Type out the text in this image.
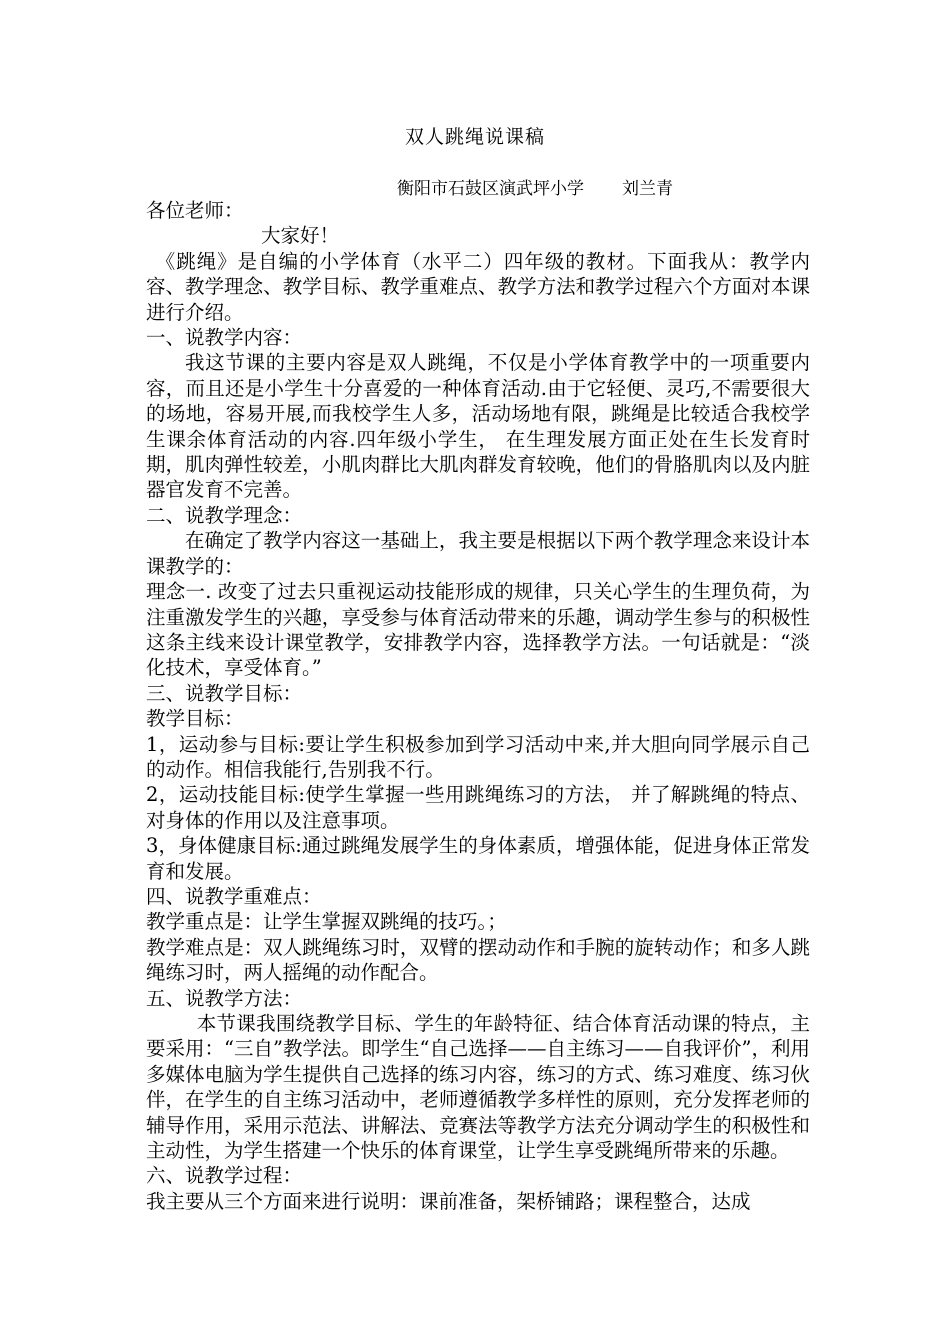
双人跳绳说课稿
衡阳市石鼓区演武坪小学 刘兰青

各位老师：

大家好！

《跳绳》是自编的小学体育（水平二）四年级的教材。下面我从：教学内容、教学理念、教学目标、教学重难点、教学方法和教学过程六个方面对本课进行介绍。

一、说教学内容：

我这节课的主要内容是双人跳绳，不仅是小学体育教学中的一项重要内容，而且还是小学生十分喜爱的一种体育活动.由于它轻便、灵巧,不需要很大的场地，容易开展,而我校学生人多，活动场地有限，跳绳是比较适合我校学生课余体育活动的内容.四年级小学生， 在生理发展方面正处在生长发育时期，肌肉弹性较差，小肌肉群比大肌肉群发育较晚，他们的骨胳肌肉以及内脏器官发育不完善。

二、说教学理念：

在确定了教学内容这一基础上，我主要是根据以下两个教学理念来设计本课教学的：

理念一. 改变了过去只重视运动技能形成的规律，只关心学生的生理负荷，为注重激发学生的兴趣，享受参与体育活动带来的乐趣，调动学生参与的积极性这条主线来设计课堂教学，安排教学内容，选择教学方法。一句话就是：“淡化技术，享受体育。”

三、说教学目标：

教学目标：

1，运动参与目标:要让学生积极参加到学习活动中来,并大胆向同学展示自己的动作。相信我能行,告别我不行。

2，运动技能目标:使学生掌握一些用跳绳练习的方法， 并了解跳绳的特点、对身体的作用以及注意事项。

3，身体健康目标:通过跳绳发展学生的身体素质，增强体能，促进身体正常发育和发展。

四、说教学重难点：

教学重点是：让学生掌握双跳绳的技巧。；

教学难点是：双人跳绳练习时，双臂的摆动动作和手腕的旋转动作；和多人跳绳练习时，两人摇绳的动作配合。

五、说教学方法：

本节课我围绕教学目标、学生的年龄特征、结合体育活动课的特点，主要采用：“三自”教学法。即学生“自己选择——自主练习——自我评价”，利用多媒体电脑为学生提供自己选择的练习内容，练习的方式、练习难度、练习伙伴，在学生的自主练习活动中，老师遵循教学多样性的原则，充分发挥老师的辅导作用，采用示范法、讲解法、竞赛法等教学方法充分调动学生的积极性和主动性，为学生搭建一个快乐的体育课堂，让学生享受跳绳所带来的乐趣。

六、说教学过程：

我主要从三个方面来进行说明：课前准备，架桥铺路；课程整合，达成
